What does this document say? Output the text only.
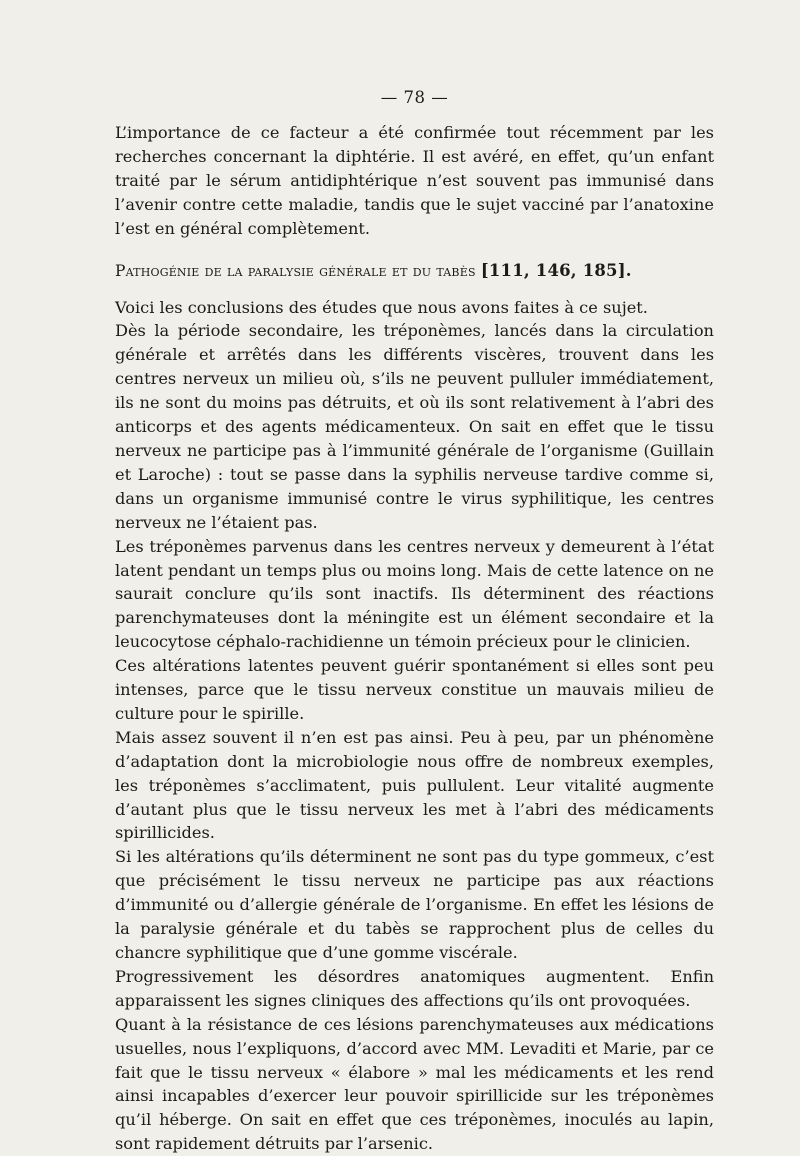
— 78 —

L’importance de ce facteur a été confirmée tout récemment par les recherches concernant la diphtérie. Il est avéré, en effet, qu’un enfant traité par le sérum antidiphtérique n’est souvent pas immunisé dans l’avenir contre cette maladie, tandis que le sujet vacciné par l’anatoxine l’est en général complètement.

Pathogénie de la paralysie générale et du tabès [111, 146, 185].

Voici les conclusions des études que nous avons faites à ce sujet.

Dès la période secondaire, les tréponèmes, lancés dans la circulation générale et arrêtés dans les différents viscères, trouvent dans les centres nerveux un milieu où, s’ils ne peuvent pulluler immédiatement, ils ne sont du moins pas détruits, et où ils sont relativement à l’abri des anticorps et des agents médicamenteux. On sait en effet que le tissu nerveux ne participe pas à l’immunité générale de l’organisme (Guillain et Laroche) : tout se passe dans la syphilis nerveuse tardive comme si, dans un organisme immunisé contre le virus syphilitique, les centres nerveux ne l’étaient pas.

Les tréponèmes parvenus dans les centres nerveux y demeurent à l’état latent pendant un temps plus ou moins long. Mais de cette latence on ne saurait conclure qu’ils sont inactifs. Ils déterminent des réactions parenchymateuses dont la méningite est un élément secondaire et la leucocytose céphalo-rachidienne un témoin précieux pour le clinicien.

Ces altérations latentes peuvent guérir spontanément si elles sont peu intenses, parce que le tissu nerveux constitue un mauvais milieu de culture pour le spirille.

Mais assez souvent il n’en est pas ainsi. Peu à peu, par un phénomène d’adaptation dont la microbiologie nous offre de nombreux exemples, les tréponèmes s’acclimatent, puis pullulent. Leur vitalité augmente d’autant plus que le tissu nerveux les met à l’abri des médicaments spirillicides.

Si les altérations qu’ils déterminent ne sont pas du type gommeux, c’est que précisément le tissu nerveux ne participe pas aux réactions d’immunité ou d’allergie générale de l’organisme. En effet les lésions de la paralysie générale et du tabès se rapprochent plus de celles du chancre syphilitique que d’une gomme viscérale.

Progressivement les désordres anatomiques augmentent. Enfin apparaissent les signes cliniques des affections qu’ils ont provoquées.

Quant à la résistance de ces lésions parenchymateuses aux médications usuelles, nous l’expliquons, d’accord avec MM. Levaditi et Marie, par ce fait que le tissu nerveux « élabore » mal les médicaments et les rend ainsi incapables d’exercer leur pouvoir spirillicide sur les tréponèmes qu’il héberge. On sait en effet que ces tréponèmes, inoculés au lapin, sont rapidement détruits par l’arsenic.
